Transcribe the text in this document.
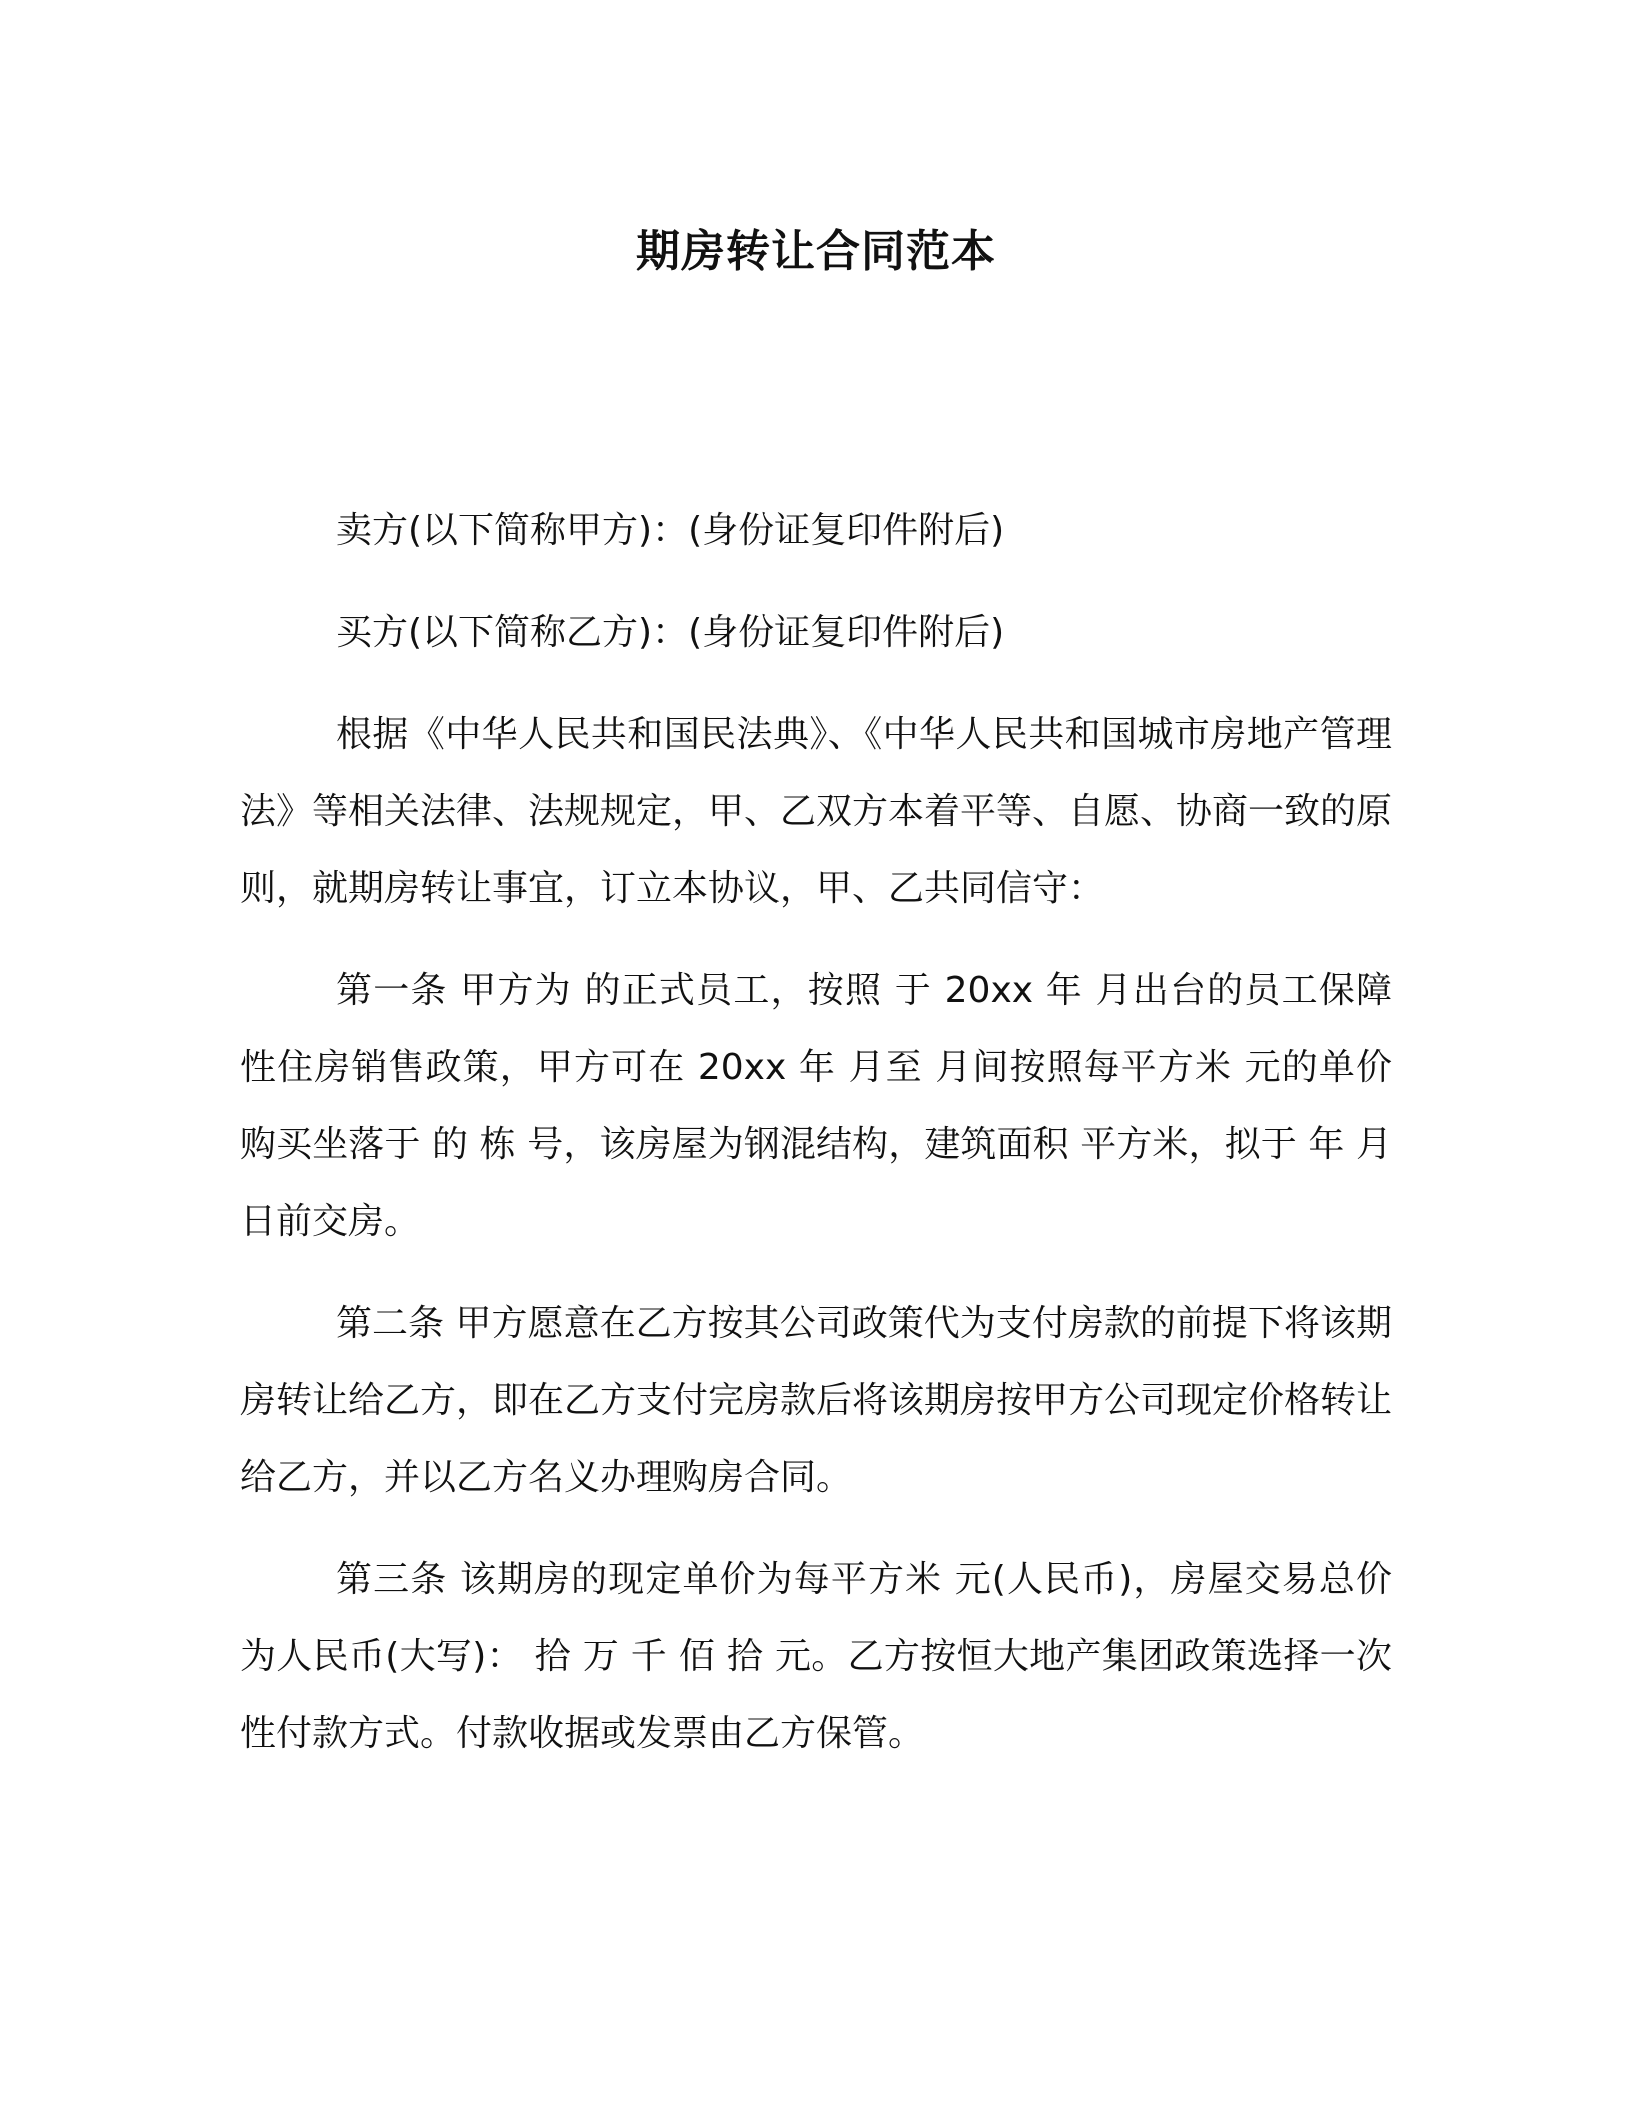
期房转让合同范本

卖方(以下简称甲方)：(身份证复印件附后)

买方(以下简称乙方)：(身份证复印件附后)

根据《中华人民共和国民法典》、《中华人民共和国城市房地产管理法》等相关法律、法规规定，甲、乙双方本着平等、自愿、协商一致的原则，就期房转让事宜，订立本协议，甲、乙共同信守：

第一条 甲方为 的正式员工，按照 于 20xx 年 月出台的员工保障性住房销售政策，甲方可在 20xx 年 月至 月间按照每平方米 元的单价购买坐落于 的 栋 号，该房屋为钢混结构，建筑面积 平方米，拟于 年 月 日前交房。

第二条 甲方愿意在乙方按其公司政策代为支付房款的前提下将该期房转让给乙方，即在乙方支付完房款后将该期房按甲方公司现定价格转让给乙方，并以乙方名义办理购房合同。

第三条 该期房的现定单价为每平方米 元(人民币)，房屋交易总价为人民币(大写)： 拾 万 千 佰 拾 元。乙方按恒大地产集团政策选择一次性付款方式。付款收据或发票由乙方保管。
